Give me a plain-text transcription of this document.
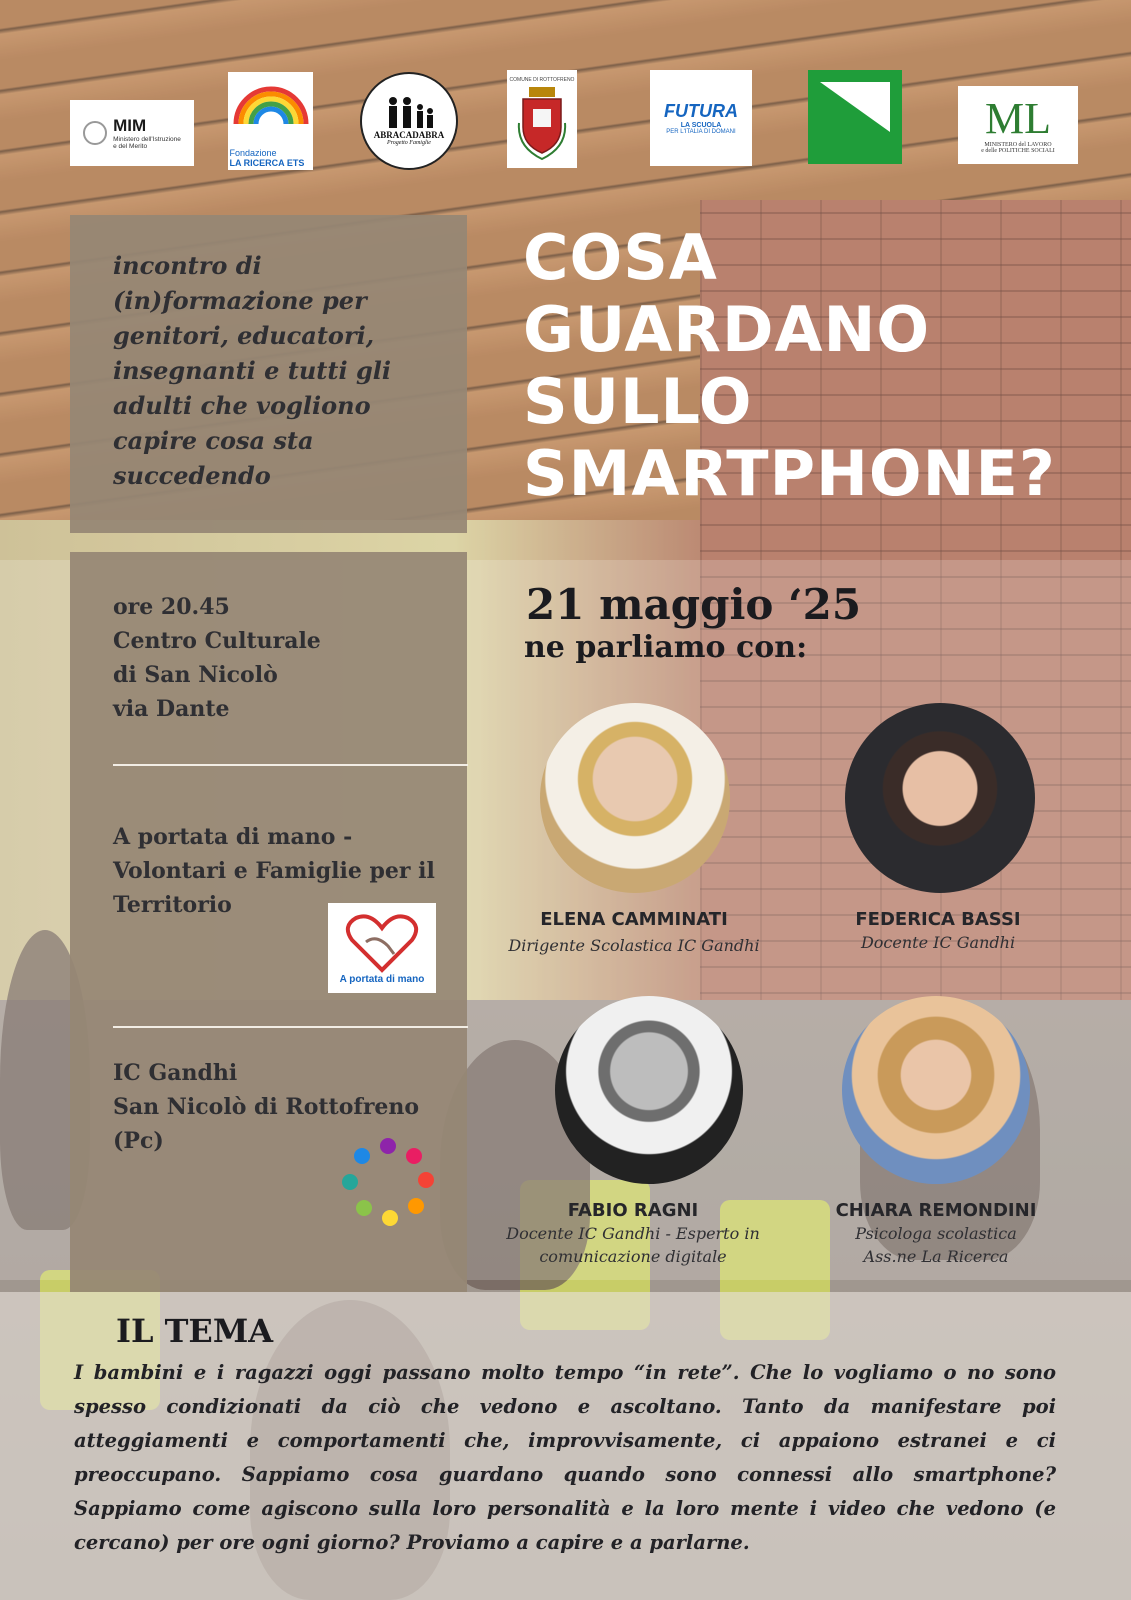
MIM
Ministero dell'Istruzione
e del Merito
Fondazione
LA RICERCA ETS
ABRACADABRA
Progetto Famiglie
COMUNE DI ROTTOFRENO
FUTURA
LA SCUOLA
PER L'ITALIA DI DOMANI	ML
MINISTERO del LAVORO
e delle POLITICHE SOCIALI
incontro di
(in)formazione per
genitori, educatori,
insegnanti e tutti gli
adulti che vogliono
capire cosa sta
succedendo
ore 20.45
Centro Culturale
di San Nicolò
via Dante
A portata di mano -
Volontari e Famiglie per il
Territorio
A portata di mano
IC Gandhi
San Nicolò di Rottofreno
(Pc)
COSA
GUARDANO
SULLO
SMARTPHONE?
21 maggio ‘25
ne parliamo con:
ELENA CAMMINATI
Dirigente Scolastica IC Gandhi
FEDERICA BASSI
Docente IC Gandhi
FABIO RAGNI
Docente IC Gandhi - Esperto in
comunicazione digitale
CHIARA REMONDINI
Psicologa scolastica
Ass.ne La Ricerca
IL TEMA
I bambini e i ragazzi oggi passano molto tempo “in rete”. Che lo vogliamo o no sono spesso condizionati da ciò che vedono e ascoltano. Tanto da manifestare poi atteggiamenti e comportamenti che, improvvisamente, ci appaiono estranei e ci preoccupano. Sappiamo cosa guardano quando sono connessi allo smartphone? Sappiamo come agiscono sulla loro personalità e la loro mente i video che vedono (e cercano) per ore ogni giorno? Proviamo a capire e a parlarne.
